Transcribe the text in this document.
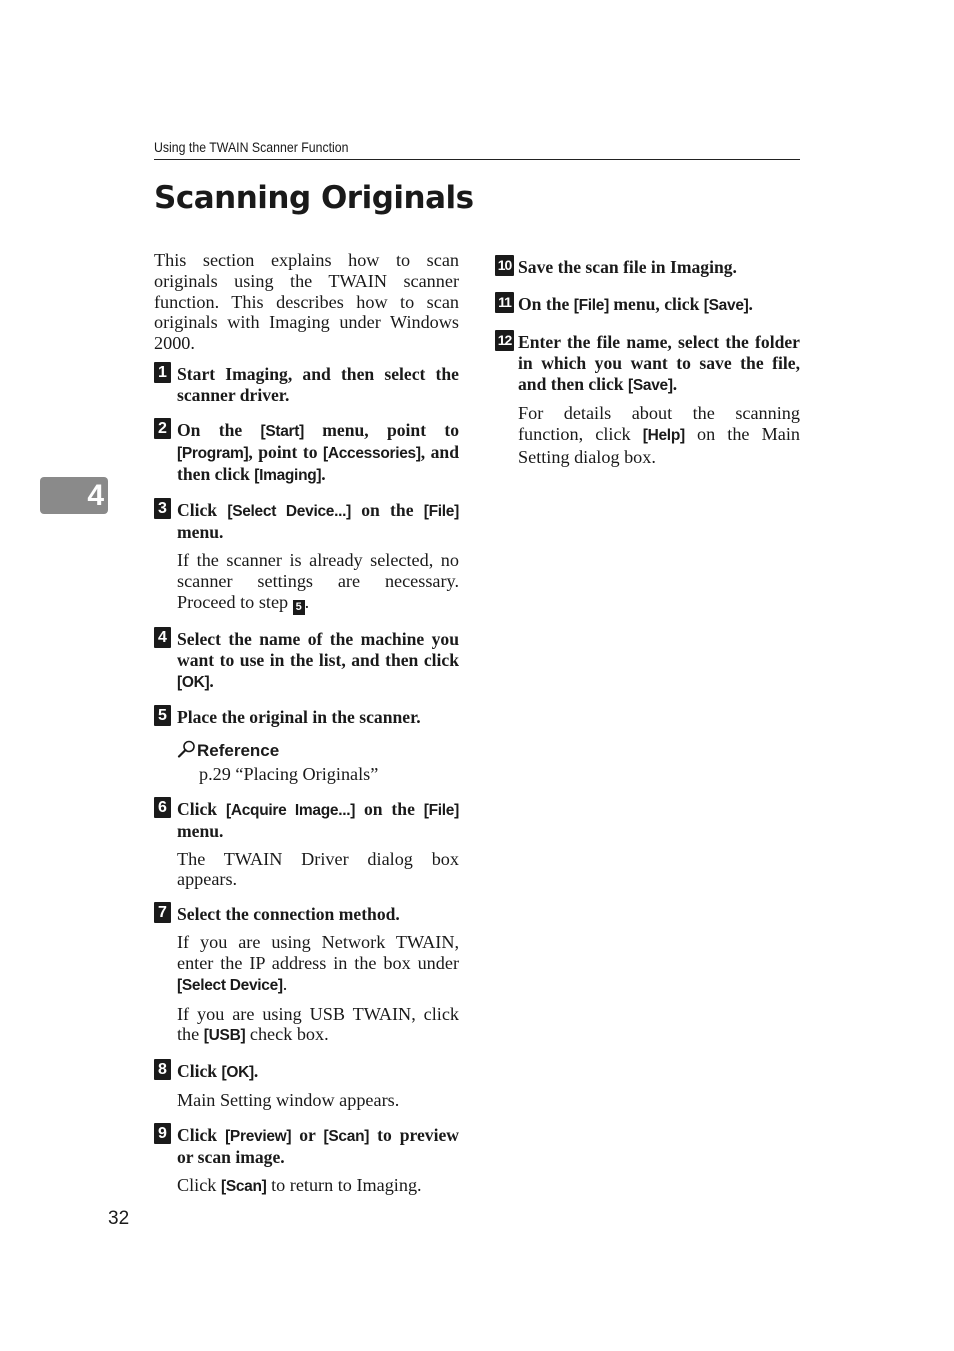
Using the TWAIN Scanner Function
Scanning Originals
4

This section explains how to scan originals using the TWAIN scanner function. This describes how to scan originals with Imaging under Windows 2000.

1 Start Imaging, and then select the scanner driver.

2 On the [Start] menu, point to [Program], point to [Accessories], and then click [Imaging].

3 Click [Select Device...] on the [File] menu.

If the scanner is already selected, no scanner settings are necessary. Proceed to step 5 .

4 Select the name of the machine you want to use in the list, and then click [OK].

5 Place the original in the scanner.

Reference

p.29 “Placing Originals”

6 Click [Acquire Image...] on the [File] menu.

The TWAIN Driver dialog box appears.

7 Select the connection method.

If you are using Network TWAIN, enter the IP address in the box under [Select Device].

If you are using USB TWAIN, click the [USB] check box.

8 Click [OK].

Main Setting window appears.

9 Click [Preview] or [Scan] to preview or scan image.

Click [Scan] to return to Imaging.

10 Save the scan file in Imaging.

11 On the [File] menu, click [Save].

12 Enter the file name, select the folder in which you want to save the file, and then click [Save].

For details about the scanning function, click [Help] on the Main Setting dialog box.

32
